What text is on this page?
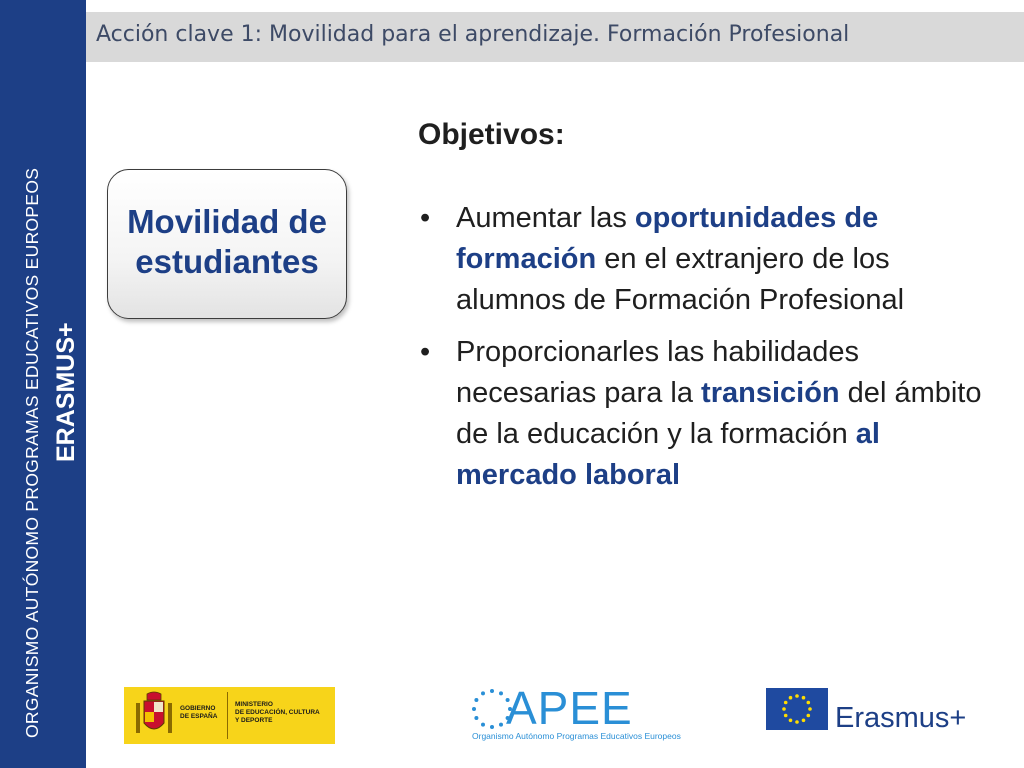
ORGANISMO AUTÓNOMO PROGRAMAS EDUCATIVOS EUROPEOS ERASMUS+
Acción clave 1: Movilidad para el aprendizaje. Formación Profesional
Movilidad de estudiantes
Objetivos:
• Aumentar las oportunidades de formación en el extranjero de los alumnos de Formación Profesional
• Proporcionarles las habilidades necesarias para la transición del ámbito de la educación y la formación al mercado laboral
GOBIERNO
DE ESPAÑA
MINISTERIO
DE EDUCACIÓN, CULTURA
Y DEPORTE	APEE
Organismo Autónomo Programas Educativos Europeos
Erasmus+
